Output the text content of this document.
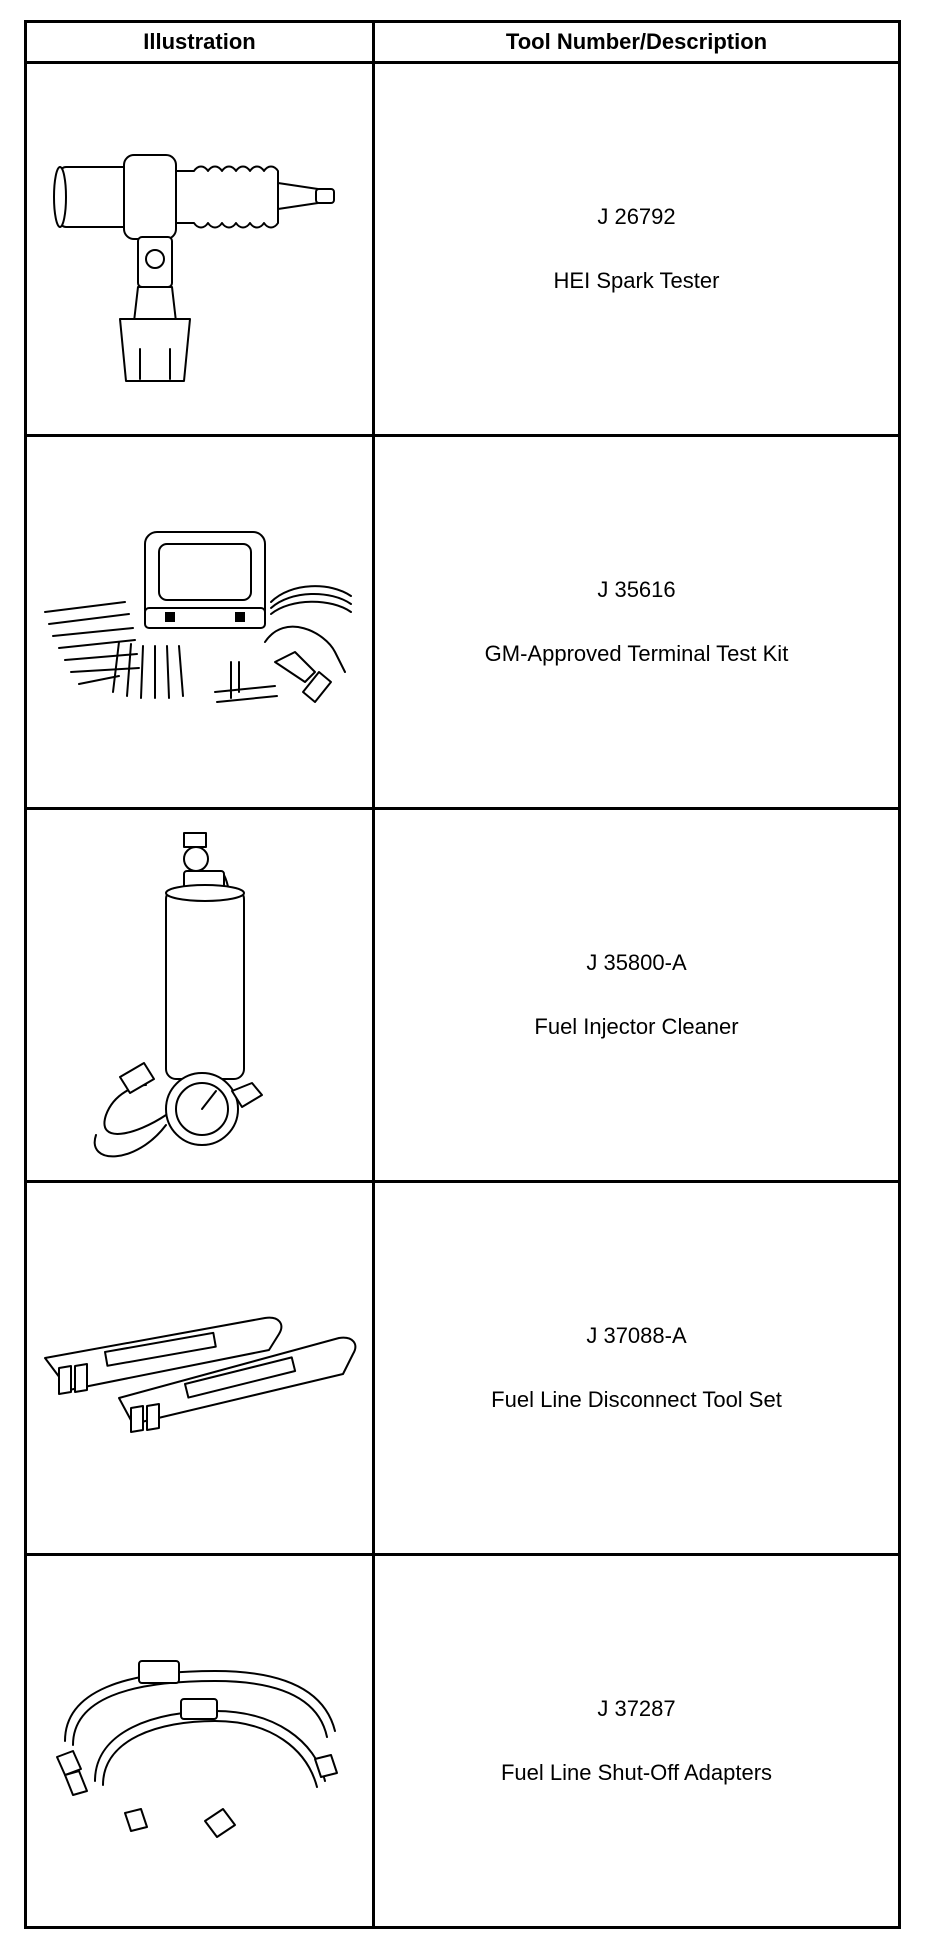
Illustration	Tool Number/Description

J 26792
HEI Spark Tester

J 35616
GM-Approved Terminal Test Kit

J 35800-A
Fuel Injector Cleaner

J 37088-A
Fuel Line Disconnect Tool Set

J 37287
Fuel Line Shut-Off Adapters
